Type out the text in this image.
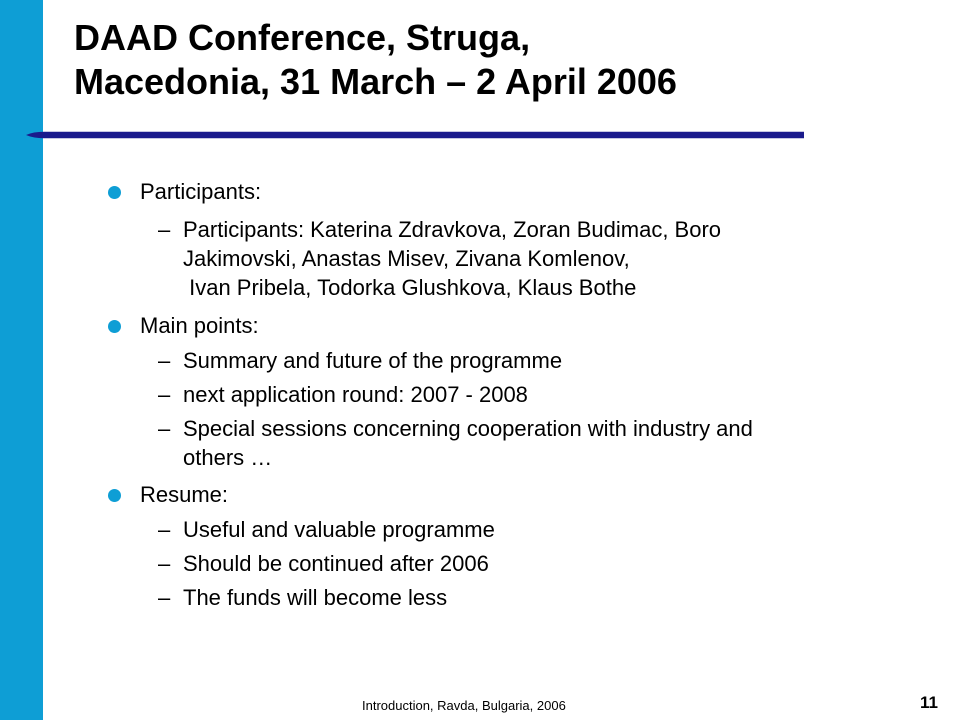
DAAD Conference, Struga,
Macedonia, 31 March – 2 April 2006
Participants:
– Participants: Katerina Zdravkova, Zoran Budimac, Boro
Jakimovski, Anastas Misev, Zivana Komlenov,
Ivan Pribela, Todorka Glushkova, Klaus Bothe
Main points:
– Summary and future of the programme
– next application round: 2007 - 2008
– Special sessions concerning cooperation with industry and
others …
Resume:
– Useful and valuable programme
– Should be continued after 2006
– The funds will become less
Introduction, Ravda, Bulgaria, 2006	11
